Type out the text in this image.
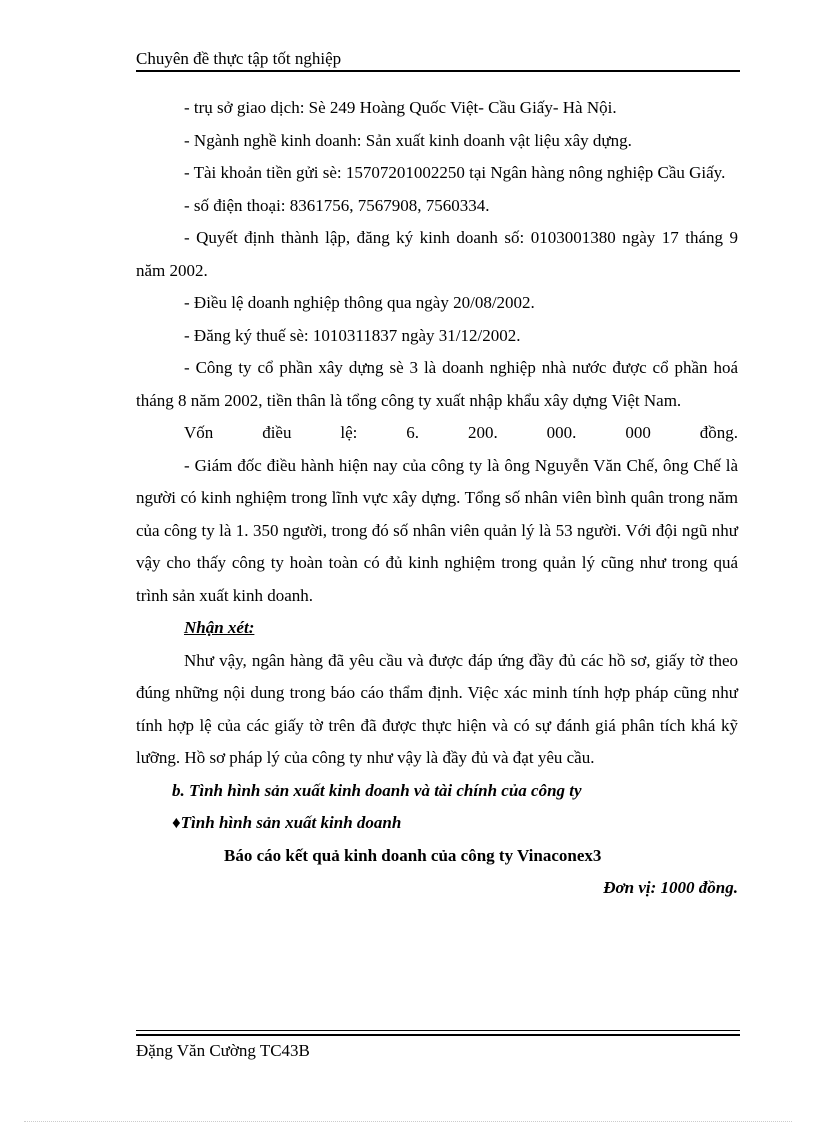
Chuyên đề thực tập tốt nghiệp

- trụ sở giao dịch: Sè 249 Hoàng Quốc Việt- Cầu Giấy- Hà Nội.

- Ngành nghề kinh doanh: Sản xuất kinh doanh vật liệu xây dựng.

- Tài khoản tiền gửi sè: 15707201002250 tại Ngân hàng nông nghiệp Cầu Giấy.

- số điện thoại: 8361756, 7567908, 7560334.

- Quyết định thành lập, đăng ký kinh doanh số: 0103001380 ngày 17 tháng 9 năm 2002.

- Điều lệ doanh nghiệp thông qua ngày 20/08/2002.

- Đăng ký thuế sè: 1010311837 ngày 31/12/2002.

- Công ty cổ phần xây dựng sè 3 là doanh nghiệp nhà nước được cổ phần hoá tháng 8 năm 2002, tiền thân là tổng công ty xuất nhập khẩu xây dựng Việt Nam.

Vốn điều lệ: 6. 200. 000. 000 đồng.

- Giám đốc điều hành hiện nay của công ty là ông Nguyễn Văn Chế, ông Chế là người có kinh nghiệm trong lĩnh vực xây dựng. Tổng số nhân viên bình quân trong năm của công ty là 1. 350 người, trong đó số nhân viên quản lý là 53 người. Với đội ngũ như vậy cho thấy công ty hoàn toàn có đủ kinh nghiệm trong quản lý cũng như trong quá trình sản xuất kinh doanh.

Nhận xét:

Như vậy, ngân hàng đã yêu cầu và được đáp ứng đầy đủ các hồ sơ, giấy tờ theo đúng những nội dung trong báo cáo thẩm định. Việc xác minh tính hợp pháp cũng như tính hợp lệ của các giấy tờ trên đã được thực hiện và có sự đánh giá phân tích khá kỹ lưỡng. Hồ sơ pháp lý của công ty như vậy là đầy đủ và đạt yêu cầu.

b. Tình hình sản xuất kinh doanh và tài chính của công ty

♦Tình hình sản xuất kinh doanh

Báo cáo kết quả kinh doanh của công ty Vinaconex3

Đơn vị: 1000 đồng.

Đặng Văn Cường TC43B
